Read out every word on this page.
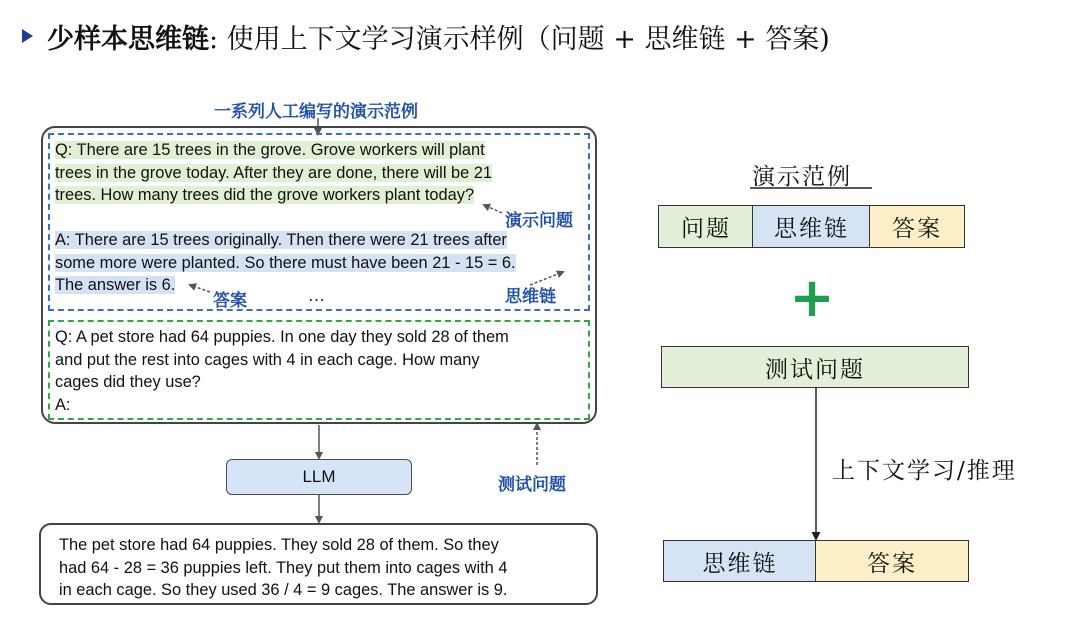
少样本思维链 : 使用上下文学习演示样例（问题 + 思维链 + 答案)
一系列人工编写的演示范例
Q: There are 15 trees in the grove. Grove workers will plant
trees in the grove today. After they are done, there will be 21
trees. How many trees did the grove workers plant today?
A: There are 15 trees originally. Then there were 21 trees after
some more were planted. So there must have been 21 - 15 = 6.
The answer is 6.
演示问题
答案	…	思维链
Q: A pet store had 64 puppies. In one day they sold 28 of them
and put the rest into cages with 4 in each cage. How many
cages did they use?
A:
测试问题
LLM
The pet store had 64 puppies. They sold 28 of them. So they
had 64 - 28 = 36 puppies left. They put them into cages with 4
in each cage. So they used 36 / 4 = 9 cages. The answer is 9.
演示范例
问题	思维链	答案
+
测试问题
上下文学习/推理
思维链	答案
